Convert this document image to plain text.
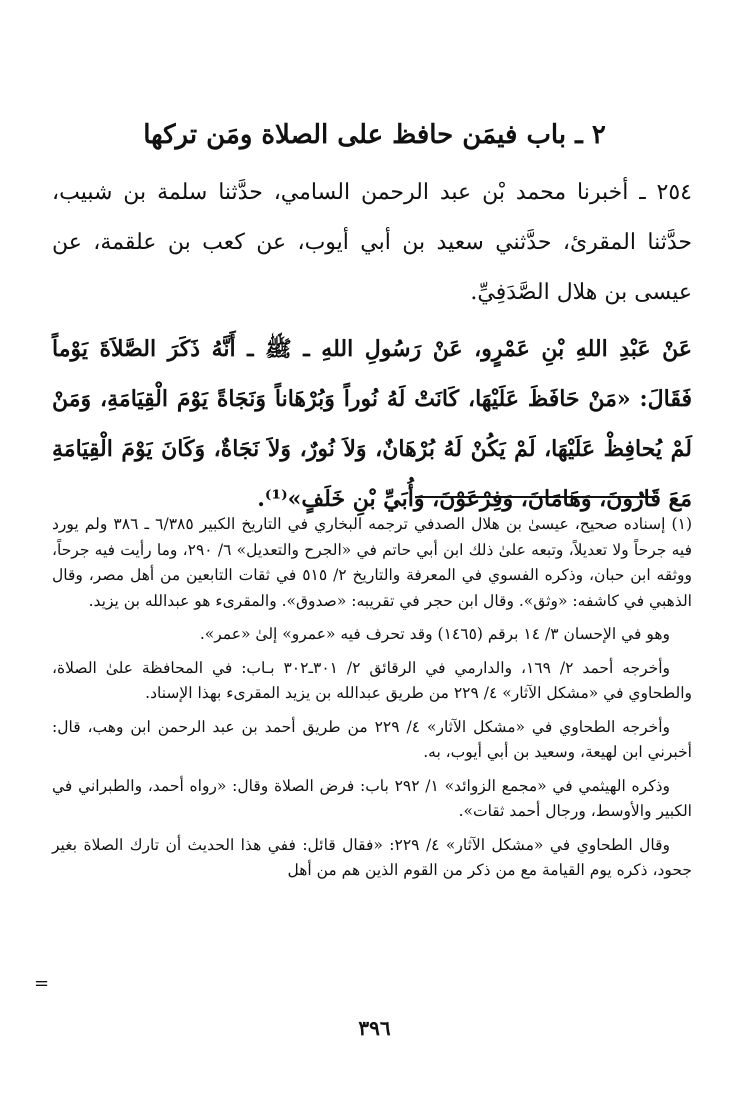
٢ ـ باب فيمَن حافظ على الصلاة ومَن تركها

٢٥٤ ـ أخبرنا محمد بْن عبد الرحمن السامي، حدَّثنا سلمة بن شبيب، حدَّثنا المقرئ، حدَّثني سعيد بن أبي أيوب، عن كعب بن علقمة، عن عيسى بن هلال الصَّدَفِيِّ.

عَنْ عَبْدِ اللهِ بْنِ عَمْرٍو، عَنْ رَسُولِ اللهِ ـ ﷺ ـ أَنَّهُ ذَكَرَ الصَّلاَةَ يَوْماً فَقَالَ: «مَنْ حَافَظَ عَلَيْهَا، كَانَتْ لَهُ نُوراً وَبُرْهَاناً وَنَجَاةً يَوْمَ الْقِيَامَةِ، وَمَنْ لَمْ يُحافِظْ عَلَيْهَا، لَمْ يَكُنْ لَهُ بُرْهَانٌ، وَلاَ نُورٌ، وَلاَ نَجَاةٌ، وَكَانَ يَوْمَ الْقِيَامَةِ مَعَ قَارُونَ، وَهَامَانَ، وَفِرْعَوْنَ، وَأُبَيِّ بْنِ خَلَفٍ»⁽¹⁾.

(١) إسناده صحيح، عيسىٰ بن هلال الصدفي ترجمه البخاري في التاريخ الكبير ٦/٣٨٥ ـ ٣٨٦ ولم يورد فيه جرحاً ولا تعديلاً، وتبعه علىٰ ذلك ابن أبي حاتم في «الجرح والتعديل» ٦/ ٢٩٠، وما رأيت فيه جرحاً، ووثقه ابن حبان، وذكره الفسوي في المعرفة والتاريخ ٢/ ٥١٥ في ثقات التابعين من أهل مصر، وقال الذهبي في كاشفه: «وثق». وقال ابن حجر في تقريبه: «صدوق». والمقرىء هو عبدالله بن يزيد.

وهو في الإحسان ٣/ ١٤ برقم (١٤٦٥) وقد تحرف فيه «عمرو» إلىٰ «عمر».

وأخرجه أحمد ٢/ ١٦٩، والدارمي في الرقائق ٢/ ٣٠١ـ٣٠٢ بـاب: في المحافظة علىٰ الصلاة، والطحاوي في «مشكل الآثار» ٤/ ٢٢٩ من طريق عبدالله بن يزيد المقرىء بهذا الإسناد.

وأخرجه الطحاوي في «مشكل الآثار» ٤/ ٢٢٩ من طريق أحمد بن عبد الرحمن ابن وهب، قال: أخبرني ابن لهيعة، وسعيد بن أبي أيوب، به.

وذكره الهيثمي في «مجمع الزوائد» ١/ ٢٩٢ باب: فرض الصلاة وقال: «رواه أحمد، والطبراني في الكبير والأوسط، ورجال أحمد ثقات».

وقال الطحاوي في «مشكل الآثار» ٤/ ٢٢٩: «فقال قائل: ففي هذا الحديث أن تارك الصلاة بغير جحود، ذكره يوم القيامة مع من ذكر من القوم الذين هم من أهل

=
٣٩٦
